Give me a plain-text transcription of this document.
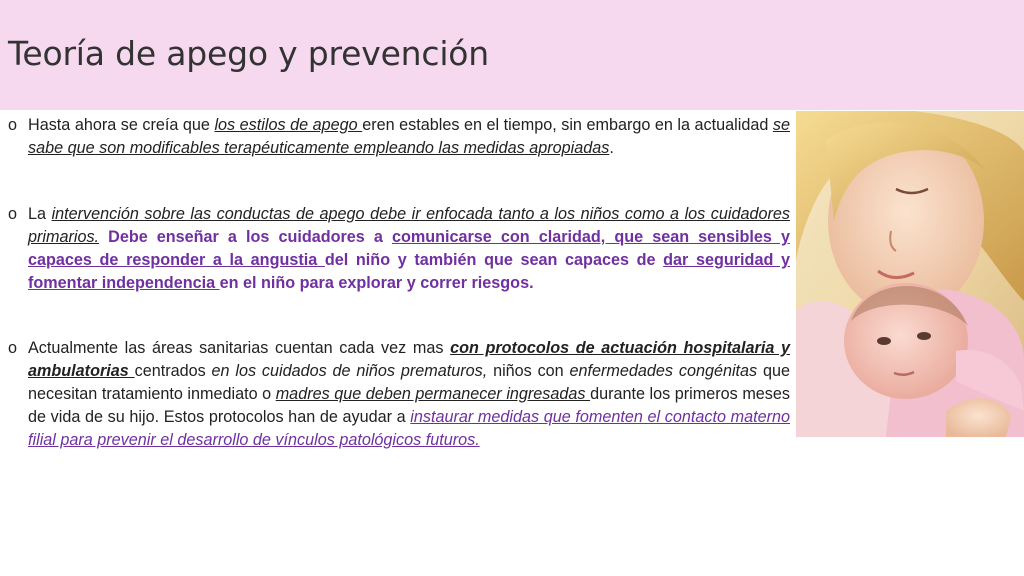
Teoría de apego y prevención
o Hasta ahora se creía que los estilos de apego eren estables en el tiempo, sin embargo en la actualidad se sabe que son modificables terapéuticamente empleando las medidas apropiadas.
o La intervención sobre las conductas de apego debe ir enfocada tanto a los niños como a los cuidadores primarios. Debe enseñar a los cuidadores a comunicarse con claridad, que sean sensibles y capaces de responder a la angustia del niño y también que sean capaces de dar seguridad y fomentar independencia en el niño para explorar y correr riesgos.
o Actualmente las áreas sanitarias cuentan cada vez mas con protocolos de actuación hospitalaria y ambulatorias centrados en los cuidados de niños prematuros, niños con enfermedades congénitas que necesitan tratamiento inmediato o madres que deben permanecer ingresadas durante los primeros meses de vida de su hijo. Estos protocolos han de ayudar a instaurar medidas que fomenten el contacto materno filial para prevenir el desarrollo de vínculos patológicos futuros.
